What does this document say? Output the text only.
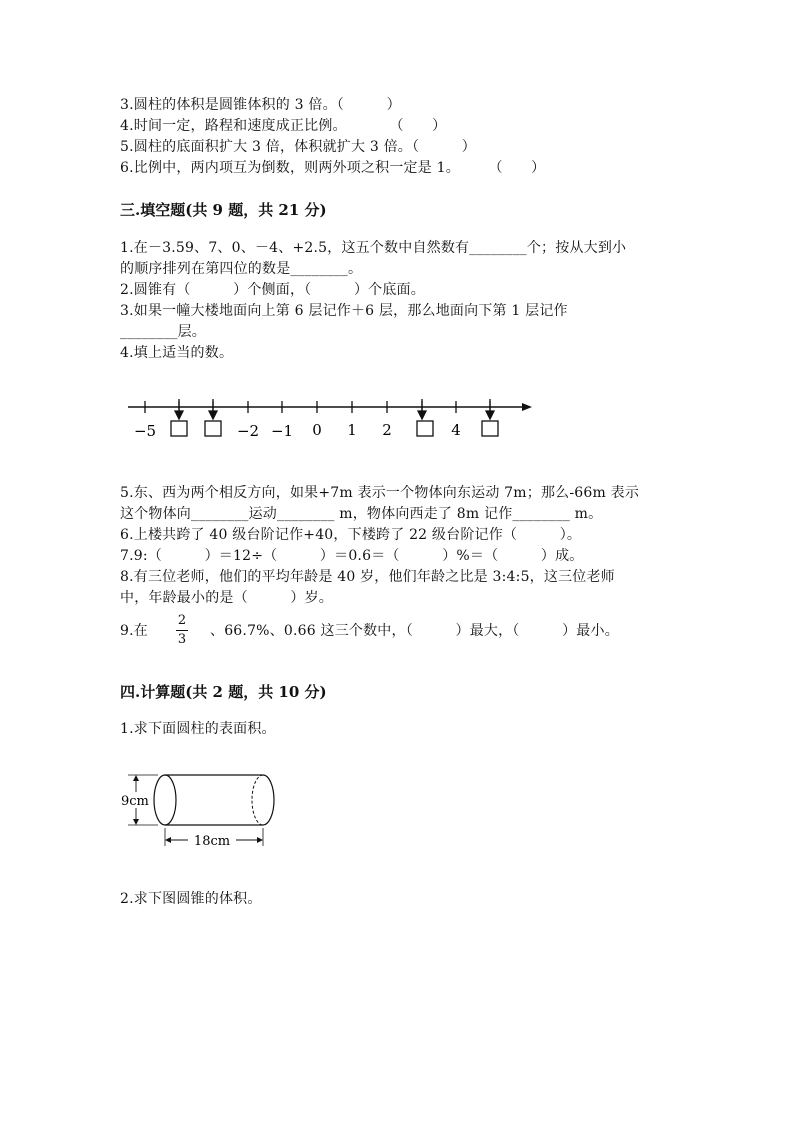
3.圆柱的体积是圆锥体积的 3 倍。（　　　）
4.时间一定，路程和速度成正比例。　　　　（　　）
5.圆柱的底面积扩大 3 倍，体积就扩大 3 倍。（　　　）
6.比例中，两内项互为倒数，则两外项之积一定是 1。　　　（　　）
三.填空题(共 9 题，共 21 分)
1.在－3.59、7、0、－4、+2.5，这五个数中自然数有________个；按从大到小
的顺序排列在第四位的数是________。
2.圆锥有（　　　）个侧面，（　　　）个底面。
3.如果一幢大楼地面向上第 6 层记作＋6 层，那么地面向下第 1 层记作
________层。
4.填上适当的数。
−5	−2 −1 0 1 2	4
5.东、西为两个相反方向，如果+7m 表示一个物体向东运动 7m；那么-66m 表示
这个物体向________运动________ m，物体向西走了 8m 记作________ m。
6.上楼共跨了 40 级台阶记作+40，下楼跨了 22 级台阶记作（　　　）。
7.9:（　　　）＝12÷（　　　）＝0.6＝（　　　）%＝（　　　）成。
8.有三位老师，他们的平均年龄是 40 岁，他们年龄之比是 3:4:5，这三位老师
中，年龄最小的是（　　　）岁。
9.在
2
3
、66.7%、0.66 这三个数中，（　　　）最大，（　　　）最小。
四.计算题(共 2 题，共 10 分)
1.求下面圆柱的表面积。
9cm
18cm
2.求下图圆锥的体积。
